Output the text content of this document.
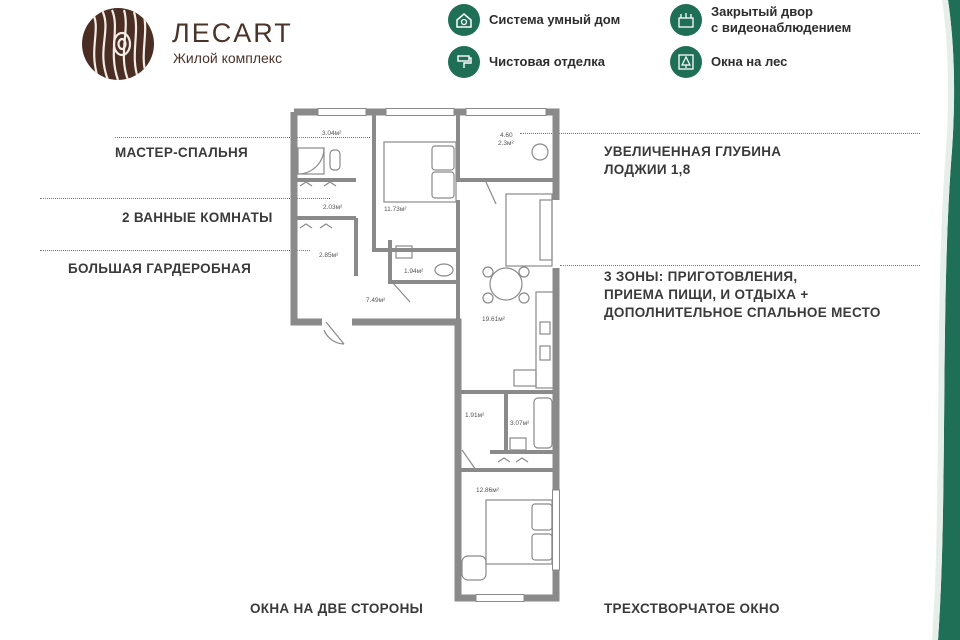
ЛЕСART
Жилой комплекс
Система умный дом
Закрытый двор
с видеонаблюдением
Чистовая отделка	Окна на лес
МАСТЕР-СПАЛЬНЯ
2 ВАННЫЕ КОМНАТЫ
БОЛЬШАЯ ГАРДЕРОБНАЯ
УВЕЛИЧЕННАЯ ГЛУБИНА
ЛОДЖИИ 1,8
3 ЗОНЫ: ПРИГОТОВЛЕНИЯ,
ПРИЕМА ПИЩИ, И ОТДЫХА +
ДОПОЛНИТЕЛЬНОЕ СПАЛЬНОЕ МЕСТО
ОКНА НА ДВЕ СТОРОНЫ	ТРЕХСТВОРЧАТОЕ ОКНО
3.04м²
2.03м²
2.85м²
11.73м²
4.60
2.3м²
1.94м²
7.49м²
19.61м²
1.91м²
3.07м²
12.86м²
